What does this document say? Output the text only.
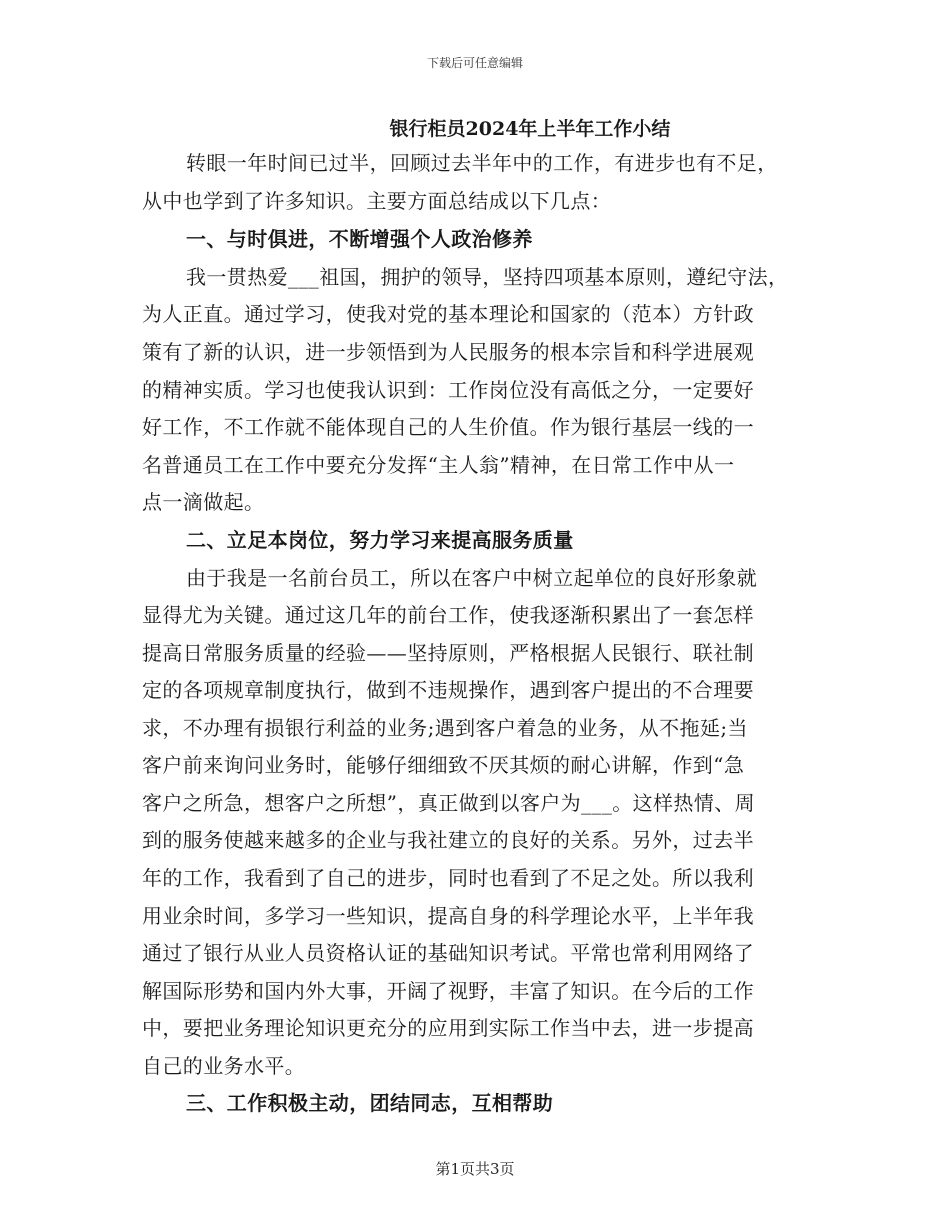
下载后可任意编辑
银行柜员2024年上半年工作小结
转眼一年时间已过半，回顾过去半年中的工作，有进步也有不足，
从中也学到了许多知识。主要方面总结成以下几点：
一、与时俱进，不断增强个人政治修养
我一贯热爱___祖国，拥护的领导，坚持四项基本原则，遵纪守法，
为人正直。通过学习，使我对党的基本理论和国家的（范本）方针政
策有了新的认识，进一步领悟到为人民服务的根本宗旨和科学进展观
的精神实质。学习也使我认识到：工作岗位没有高低之分，一定要好
好工作，不工作就不能体现自己的人生价值。作为银行基层一线的一
名普通员工在工作中要充分发挥“主人翁”精神，在日常工作中从一
点一滴做起。
二、立足本岗位，努力学习来提高服务质量
由于我是一名前台员工，所以在客户中树立起单位的良好形象就
显得尤为关键。通过这几年的前台工作，使我逐渐积累出了一套怎样
提高日常服务质量的经验——坚持原则，严格根据人民银行、联社制
定的各项规章制度执行，做到不违规操作，遇到客户提出的不合理要
求，不办理有损银行利益的业务;遇到客户着急的业务，从不拖延;当
客户前来询问业务时，能够仔细细致不厌其烦的耐心讲解，作到“急
客户之所急，想客户之所想”，真正做到以客户为___。这样热情、周
到的服务使越来越多的企业与我社建立的良好的关系。另外，过去半
年的工作，我看到了自己的进步，同时也看到了不足之处。所以我利
用业余时间，多学习一些知识，提高自身的科学理论水平，上半年我
通过了银行从业人员资格认证的基础知识考试。平常也常利用网络了
解国际形势和国内外大事，开阔了视野，丰富了知识。在今后的工作
中，要把业务理论知识更充分的应用到实际工作当中去，进一步提高
自己的业务水平。
三、工作积极主动，团结同志，互相帮助
第1页共3页
